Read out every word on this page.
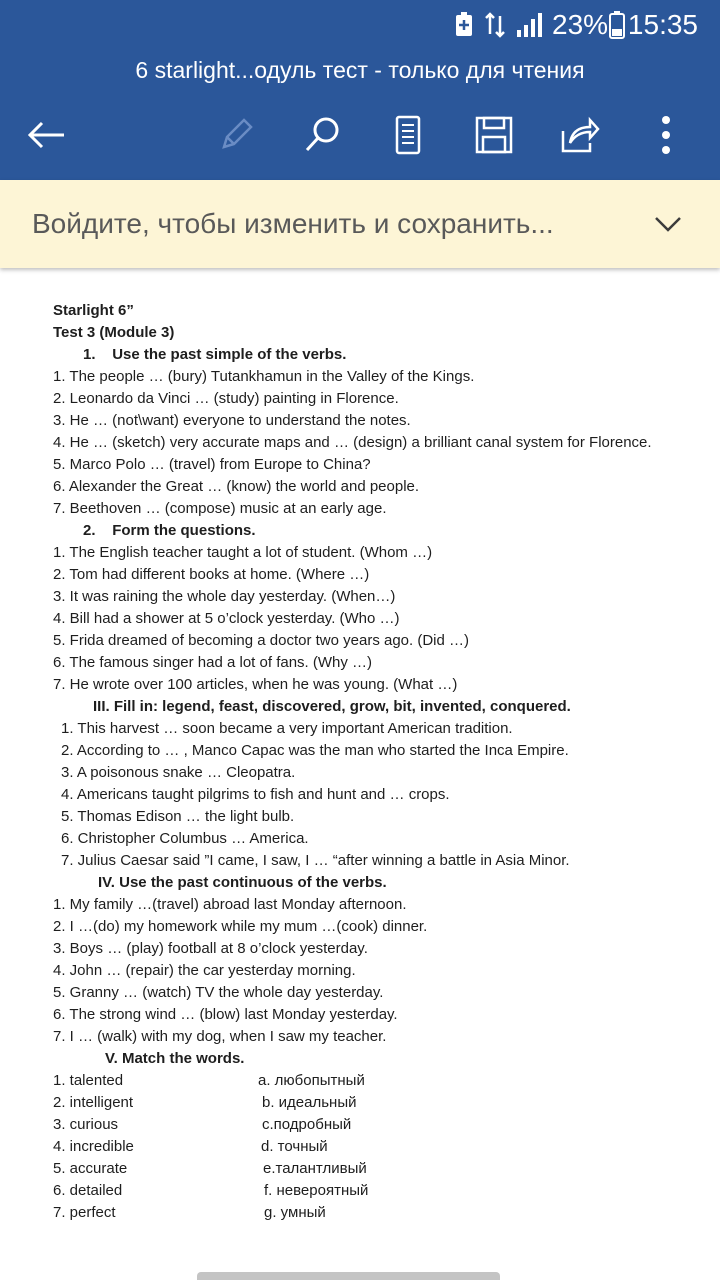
23% 15:35
6 starlight...одуль тест - только для чтения
Войдите, чтобы изменить и сохранить...
Starlight 6”
Test 3 (Module 3)
1. Use the past simple of the verbs.
1. The people … (bury) Tutankhamun in the Valley of the Kings.
2. Leonardo da Vinci … (study) painting in Florence.
3. He … (not\want) everyone to understand the notes.
4. He … (sketch) very accurate maps and … (design) a brilliant canal system for Florence.
5. Marco Polo … (travel) from Europe to China?
6. Alexander the Great … (know) the world and people.
7. Beethoven … (compose) music at an early age.
2. Form the questions.
1. The English teacher taught a lot of student. (Whom …)
2. Tom had different books at home. (Where …)
3. It was raining the whole day yesterday. (When…)
4. Bill had a shower at 5 o’clock yesterday. (Who …)
5. Frida dreamed of becoming a doctor two years ago. (Did …)
6. The famous singer had a lot of fans. (Why …)
7. He wrote over 100 articles, when he was young. (What …)
III. Fill in: legend, feast, discovered, grow, bit, invented, conquered.
1. This harvest … soon became a very important American tradition.
2. According to … , Manco Capac was the man who started the Inca Empire.
3. A poisonous snake … Cleopatra.
4. Americans taught pilgrims to fish and hunt and … crops.
5. Thomas Edison … the light bulb.
6. Christopher Columbus … America.
7. Julius Caesar said ”I came, I saw, I … “after winning a battle in Asia Minor.
IV. Use the past continuous of the verbs.
1. My family …(travel) abroad last Monday afternoon.
2. I …(do) my homework while my mum …(cook) dinner.
3. Boys … (play) football at 8 o’clock yesterday.
4. John … (repair) the car yesterday morning.
5. Granny … (watch) TV the whole day yesterday.
6. The strong wind … (blow) last Monday yesterday.
7. I … (walk) with my dog, when I saw my teacher.
V. Match the words.
1. talented	a. любопытный
2. intelligent	b. идеальный
3. curious	c.подробный
4. incredible	d. точный
5. accurate	e.талантливый
6. detailed	f. невероятный
7. perfect	g. умный
